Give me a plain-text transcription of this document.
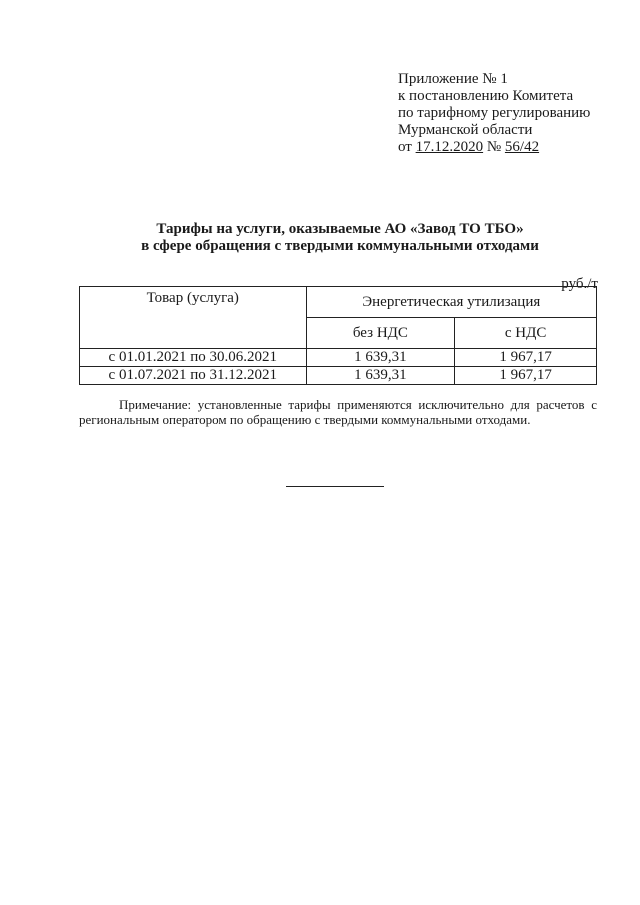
Приложение № 1
к постановлению Комитета
по тарифному регулированию
Мурманской области
от 17.12.2020 № 56/42
Тарифы на услуги, оказываемые АО «Завод ТО ТБО»
в сфере обращения с твердыми коммунальными отходами
руб./т
Товар (услуга)	Энергетическая утилизация	
	без НДС	с НДС
с 01.01.2021 по 30.06.2021	1 639,31	1 967,17
с 01.07.2021 по 31.12.2021	1 639,31	1 967,17
Примечание: установленные тарифы применяются исключительно для расчетов с региональным оператором по обращению с твердыми коммунальными отходами.
